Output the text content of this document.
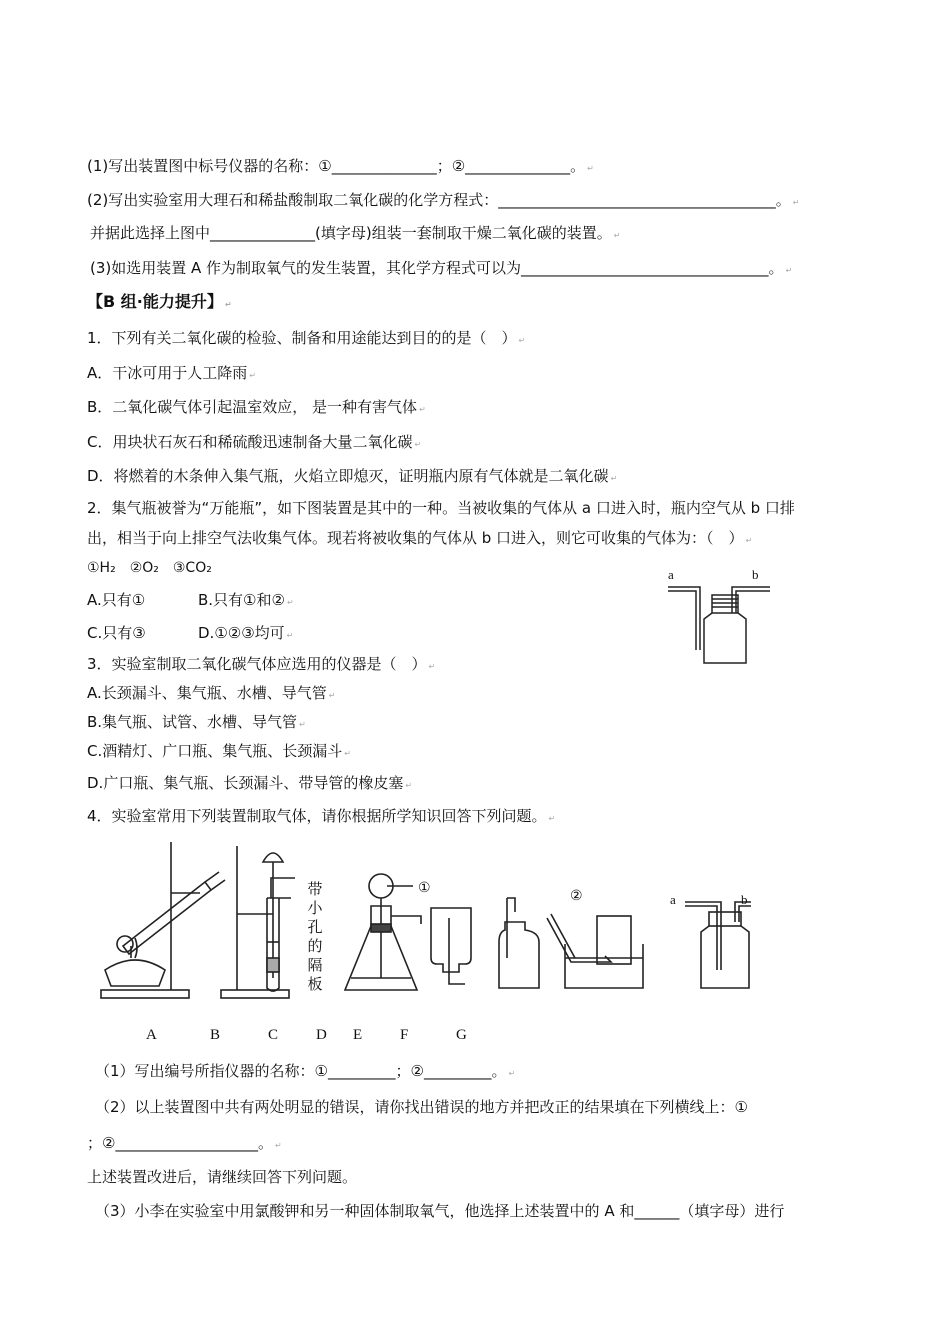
(1)写出装置图中标号仪器的名称：①______________；②______________。 ↵
(2)写出实验室用大理石和稀盐酸制取二氧化碳的化学方程式：_____________________________________。 ↵
并据此选择上图中______________(填字母)组装一套制取干燥二氧化碳的装置。 ↵
(3)如选用装置 A 作为制取氧气的发生装置，其化学方程式可以为_________________________________。 ↵
【B 组·能力提升】 ↵
1．下列有关二氧化碳的检验、制备和用途能达到目的的是（　） ↵
A．干冰可用于人工降雨 ↵
B．二氧化碳气体引起温室效应， 是一种有害气体 ↵
C．用块状石灰石和稀硫酸迅速制备大量二氧化碳 ↵
D．将燃着的木条伸入集气瓶，火焰立即熄灭，证明瓶内原有气体就是二氧化碳 ↵
2．集气瓶被誉为“万能瓶”，如下图装置是其中的一种。当被收集的气体从 a 口进入时，瓶内空气从 b 口排
出，相当于向上排空气法收集气体。现若将被收集的气体从 b 口进入，则它可收集的气体为：（　） ↵
①H₂　②O₂　③CO₂
A.只有①	B.只有①和② ↵
C.只有③	D.①②③均可 ↵
a	b
3．实验室制取二氧化碳气体应选用的仪器是（　） ↵
A.长颈漏斗、集气瓶、水槽、导气管 ↵
B.集气瓶、试管、水槽、导气管 ↵
C.酒精灯、广口瓶、集气瓶、长颈漏斗 ↵
D.广口瓶、集气瓶、长颈漏斗、带导管的橡皮塞 ↵
4．实验室常用下列装置制取气体，请你根据所学知识回答下列问题。 ↵
①
②	a	b
带小孔的隔板
A	B	C	D E	F	G
（1）写出编号所指仪器的名称：①_________；②_________。 ↵
（2）以上装置图中共有两处明显的错误，请你找出错误的地方并把改正的结果填在下列横线上：①
；②___________________。 ↵
上述装置改进后，请继续回答下列问题。
（3）小李在实验室中用氯酸钾和另一种固体制取氧气，他选择上述装置中的 A 和______（填字母）进行
